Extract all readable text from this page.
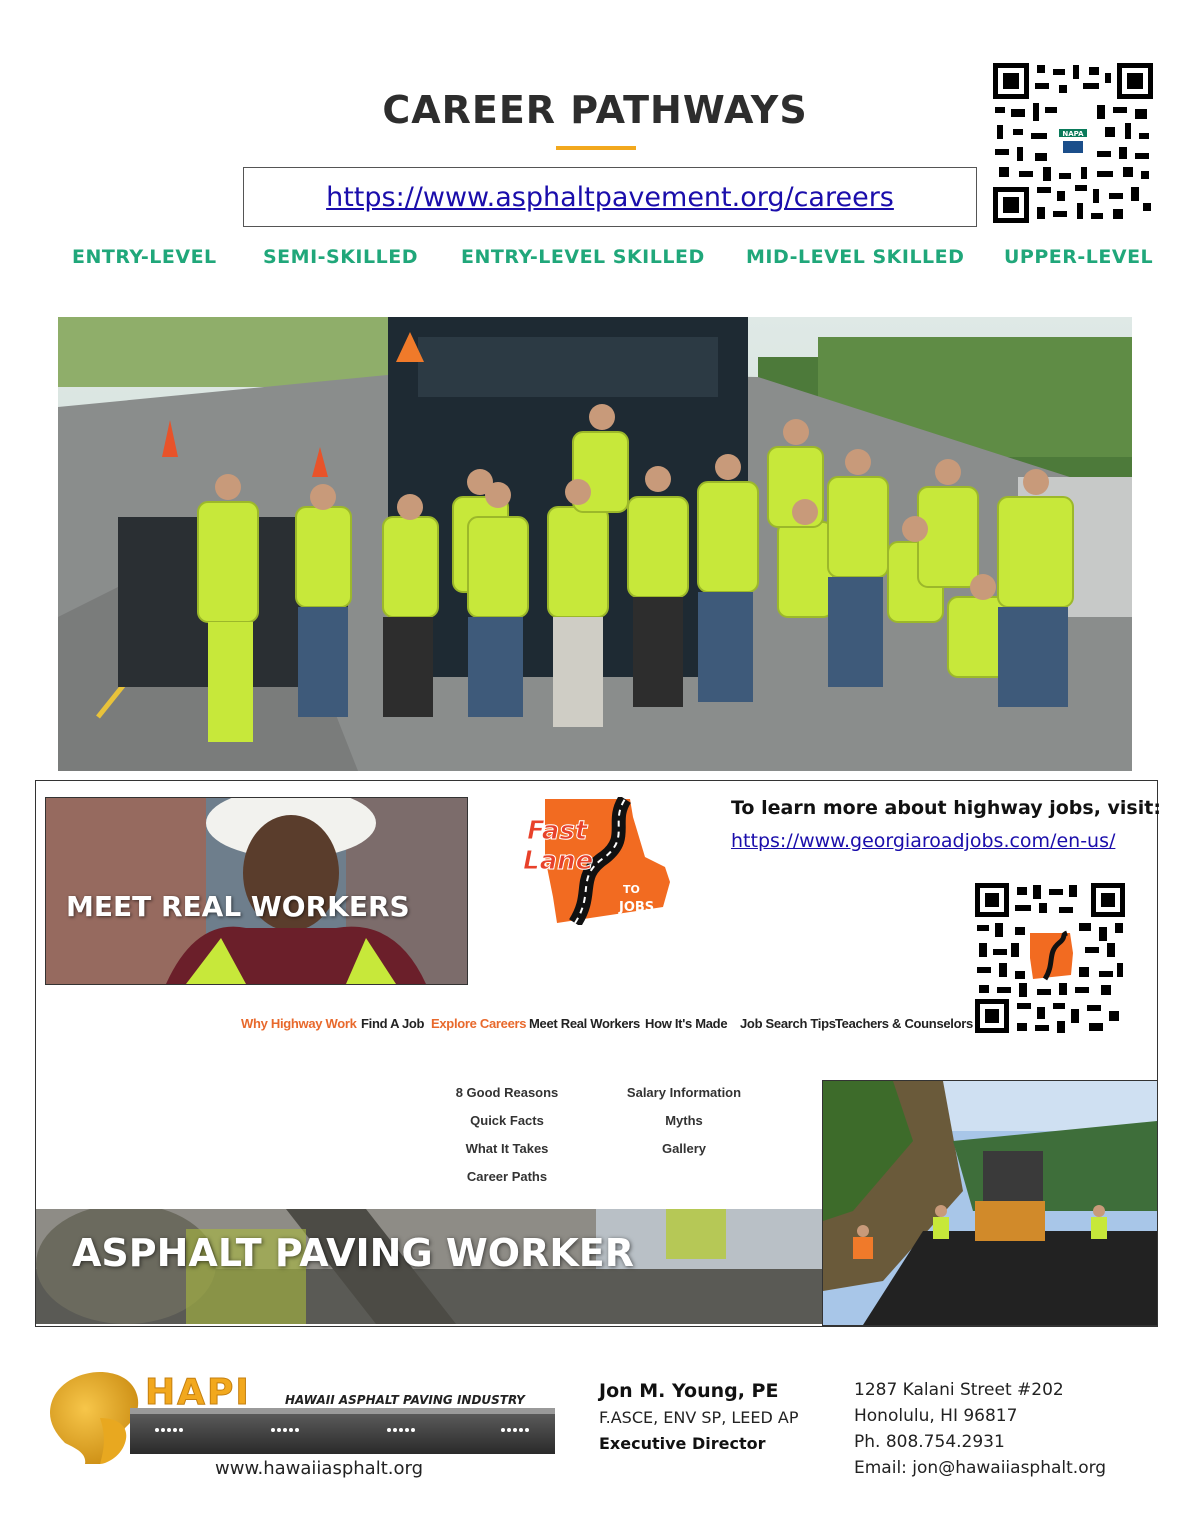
CAREER PATHWAYS
https://www.asphaltpavement.org/careers
NAPA
ENTRY-LEVEL SEMI-SKILLED ENTRY-LEVEL SKILLED MID-LEVEL SKILLED UPPER-LEVEL
MEET REAL WORKERS
Fast
Lane
TO
JOBS
To learn more about highway jobs, visit:
https://www.georgiaroadjobs.com/en-us/
Why Highway Work Find A Job Explore Careers Meet Real Workers How It's Made Job Search Tips Teachers & Counselors
8 Good Reasons
Quick Facts
What It Takes
Career Paths
Salary Information
Myths
Gallery
ASPHALT PAVING WORKER
HAPI	HAWAII ASPHALT PAVING INDUSTRY
www.hawaiiasphalt.org
Jon M. Young, PE
F.ASCE, ENV SP, LEED AP
Executive Director
1287 Kalani Street #202
Honolulu, HI 96817
Ph. 808.754.2931
Email: jon@hawaiiasphalt.org
